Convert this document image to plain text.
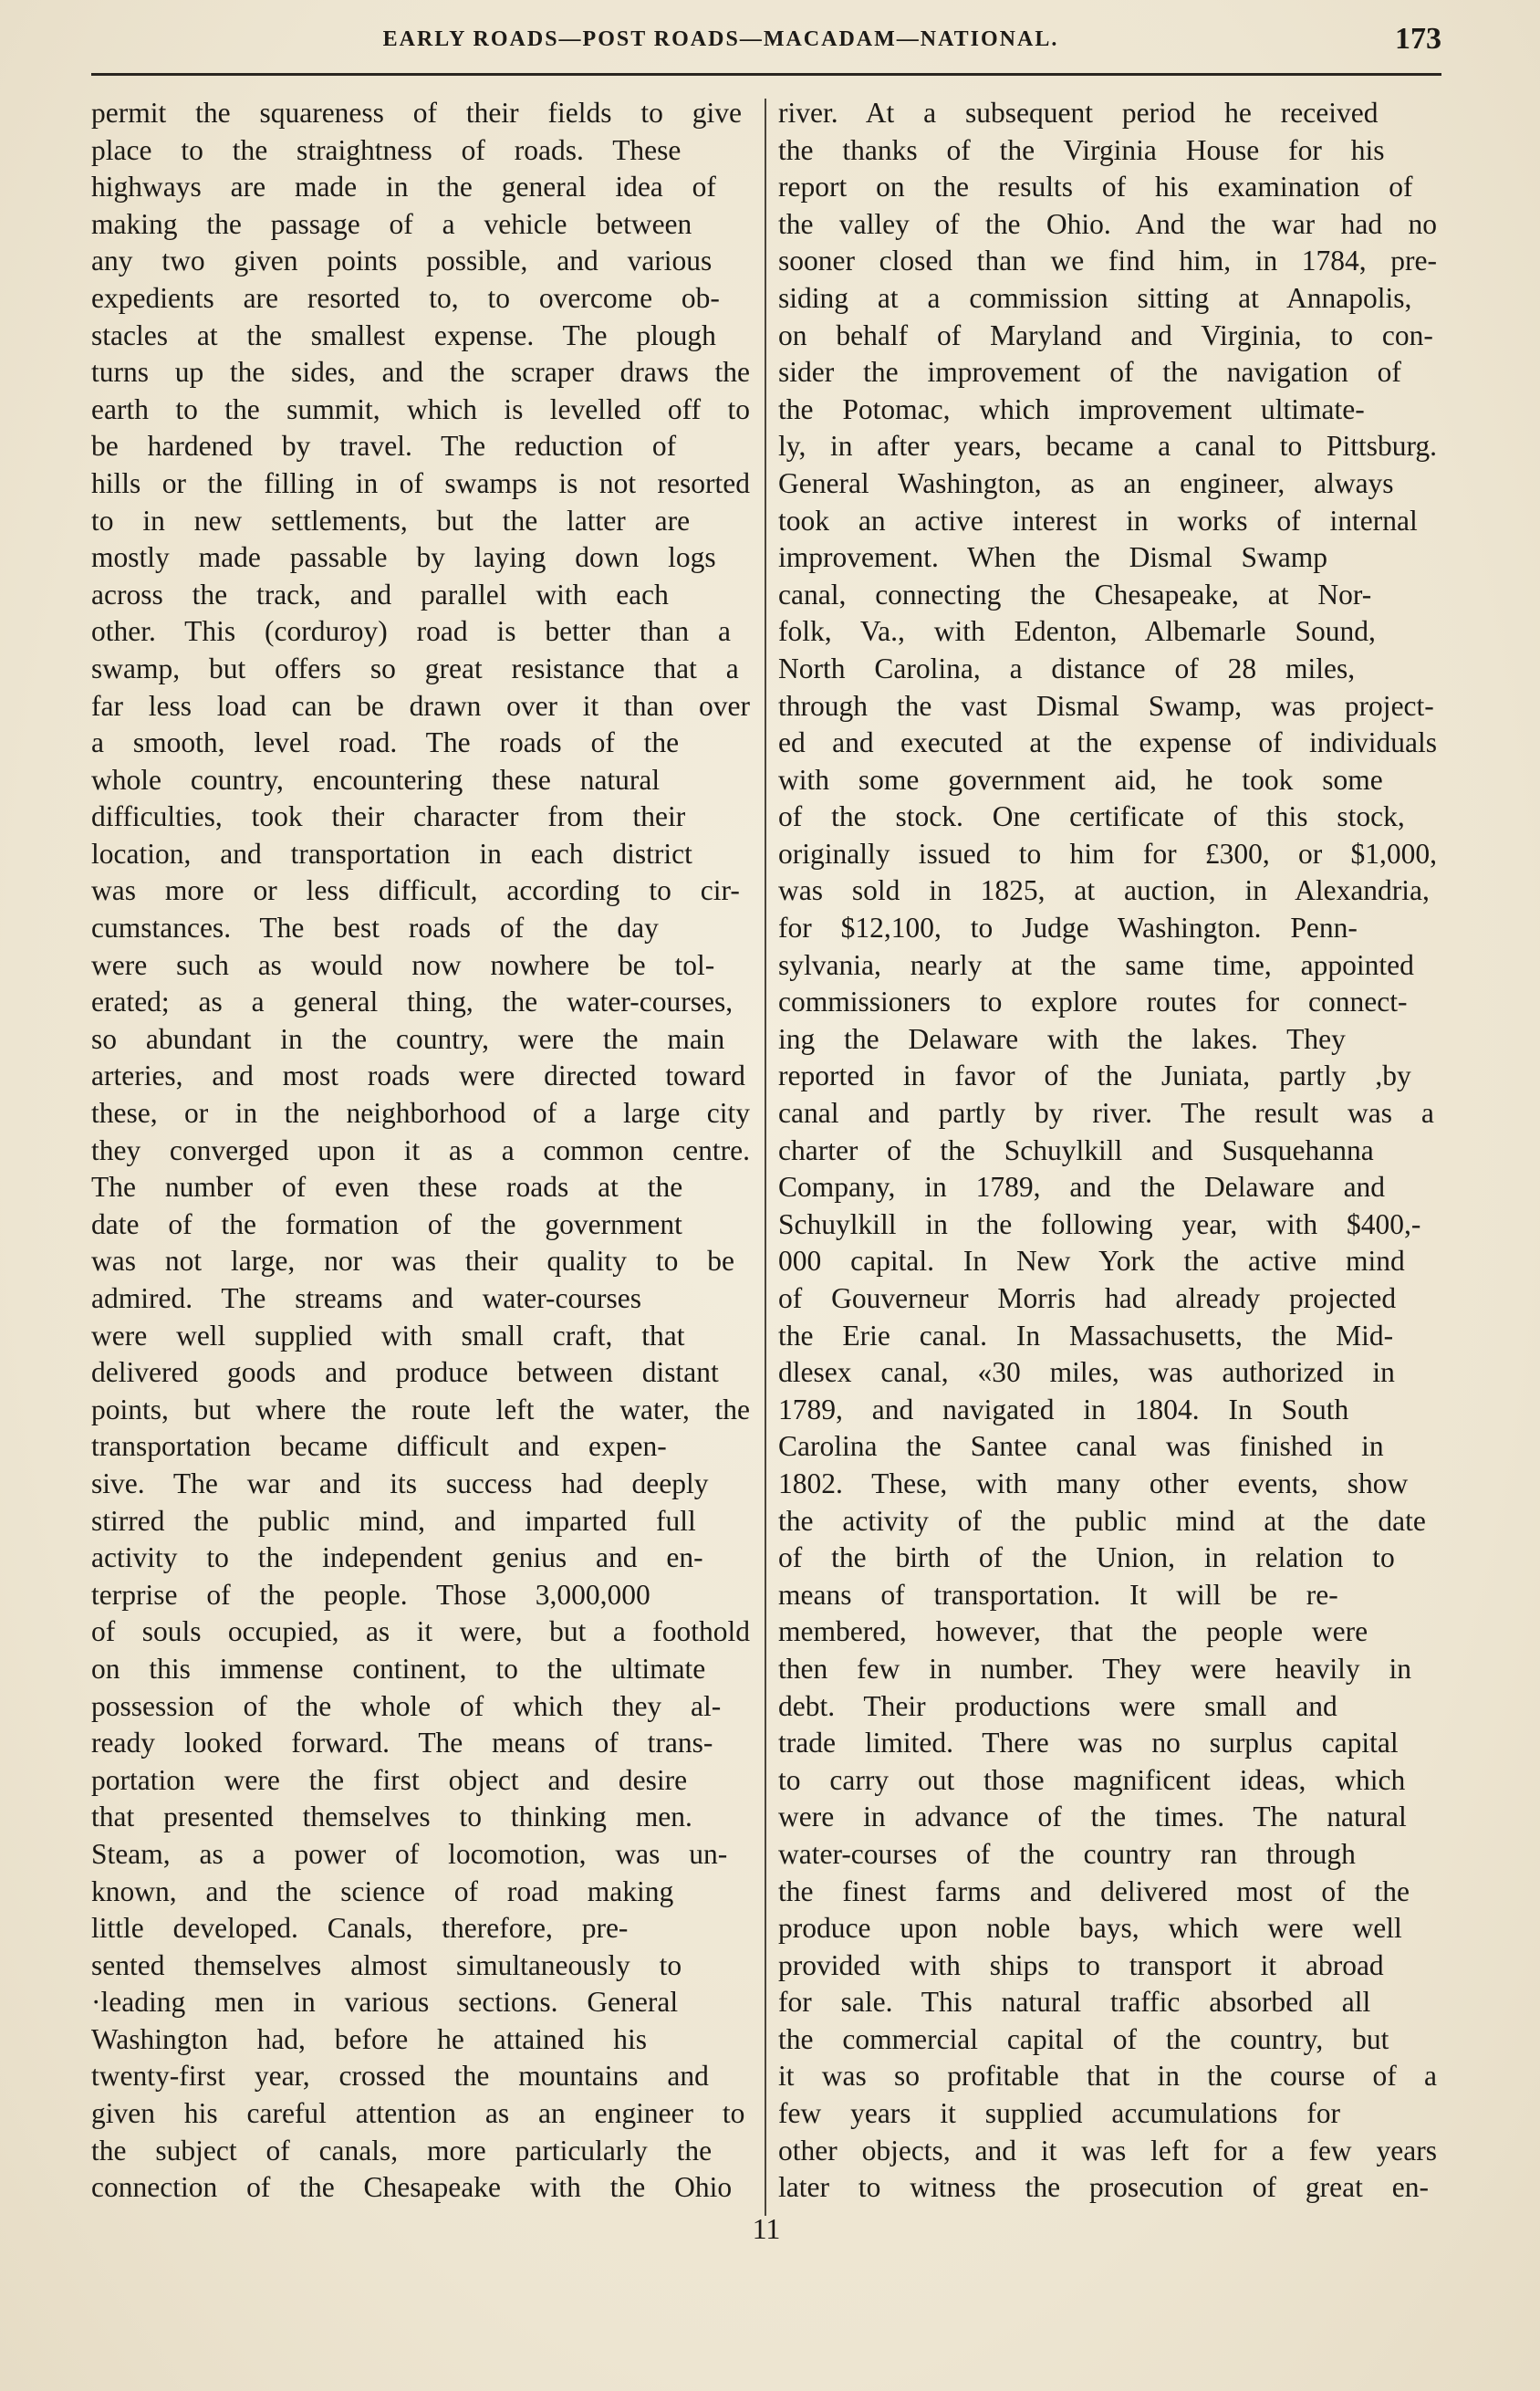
EARLY ROADS—POST ROADS—MACADAM—NATIONAL.	173
permit the squareness of their fields to give
place to the straightness of roads. These
highways are made in the general idea of
making the passage of a vehicle between
any two given points possible, and various
expedients are resorted to, to overcome ob-
stacles at the smallest expense. The plough
turns up the sides, and the scraper draws the
earth to the summit, which is levelled off to
be hardened by travel. The reduction of
hills or the filling in of swamps is not resorted
to in new settlements, but the latter are
mostly made passable by laying down logs
across the track, and parallel with each
other. This (corduroy) road is better than a
swamp, but offers so great resistance that a
far less load can be drawn over it than over
a smooth, level road. The roads of the
whole country, encountering these natural
difficulties, took their character from their
location, and transportation in each district
was more or less difficult, according to cir-
cumstances. The best roads of the day
were such as would now nowhere be tol-
erated; as a general thing, the water-courses,
so abundant in the country, were the main
arteries, and most roads were directed toward
these, or in the neighborhood of a large city
they converged upon it as a common centre.
The number of even these roads at the
date of the formation of the government
was not large, nor was their quality to be
admired. The streams and water-courses
were well supplied with small craft, that
delivered goods and produce between distant
points, but where the route left the water, the
transportation became difficult and expen-
sive. The war and its success had deeply
stirred the public mind, and imparted full
activity to the independent genius and en-
terprise of the people. Those 3,000,000
of souls occupied, as it were, but a foothold
on this immense continent, to the ultimate
possession of the whole of which they al-
ready looked forward. The means of trans-
portation were the first object and desire
that presented themselves to thinking men.
Steam, as a power of locomotion, was un-
known, and the science of road making
little developed. Canals, therefore, pre-
sented themselves almost simultaneously to
·leading men in various sections. General
Washington had, before he attained his
twenty-first year, crossed the mountains and
given his careful attention as an engineer to
the subject of canals, more particularly the
connection of the Chesapeake with the Ohio
river. At a subsequent period he received
the thanks of the Virginia House for his
report on the results of his examination of
the valley of the Ohio. And the war had no
sooner closed than we find him, in 1784, pre-
siding at a commission sitting at Annapolis,
on behalf of Maryland and Virginia, to con-
sider the improvement of the navigation of
the Potomac, which improvement ultimate-
ly, in after years, became a canal to Pittsburg.
General Washington, as an engineer, always
took an active interest in works of internal
improvement. When the Dismal Swamp
canal, connecting the Chesapeake, at Nor-
folk, Va., with Edenton, Albemarle Sound,
North Carolina, a distance of 28 miles,
through the vast Dismal Swamp, was project-
ed and executed at the expense of individuals
with some government aid, he took some
of the stock. One certificate of this stock,
originally issued to him for £300, or $1,000,
was sold in 1825, at auction, in Alexandria,
for $12,100, to Judge Washington. Penn-
sylvania, nearly at the same time, appointed
commissioners to explore routes for connect-
ing the Delaware with the lakes. They
reported in favor of the Juniata, partly ,by
canal and partly by river. The result was a
charter of the Schuylkill and Susquehanna
Company, in 1789, and the Delaware and
Schuylkill in the following year, with $400,-
000 capital. In New York the active mind
of Gouverneur Morris had already projected
the Erie canal. In Massachusetts, the Mid-
dlesex canal, «30 miles, was authorized in
1789, and navigated in 1804. In South
Carolina the Santee canal was finished in
1802. These, with many other events, show
the activity of the public mind at the date
of the birth of the Union, in relation to
means of transportation. It will be re-
membered, however, that the people were
then few in number. They were heavily in
debt. Their productions were small and
trade limited. There was no surplus capital
to carry out those magnificent ideas, which
were in advance of the times. The natural
water-courses of the country ran through
the finest farms and delivered most of the
produce upon noble bays, which were well
provided with ships to transport it abroad
for sale. This natural traffic absorbed all
the commercial capital of the country, but
it was so profitable that in the course of a
few years it supplied accumulations for
other objects, and it was left for a few years
later to witness the prosecution of great en-
11
